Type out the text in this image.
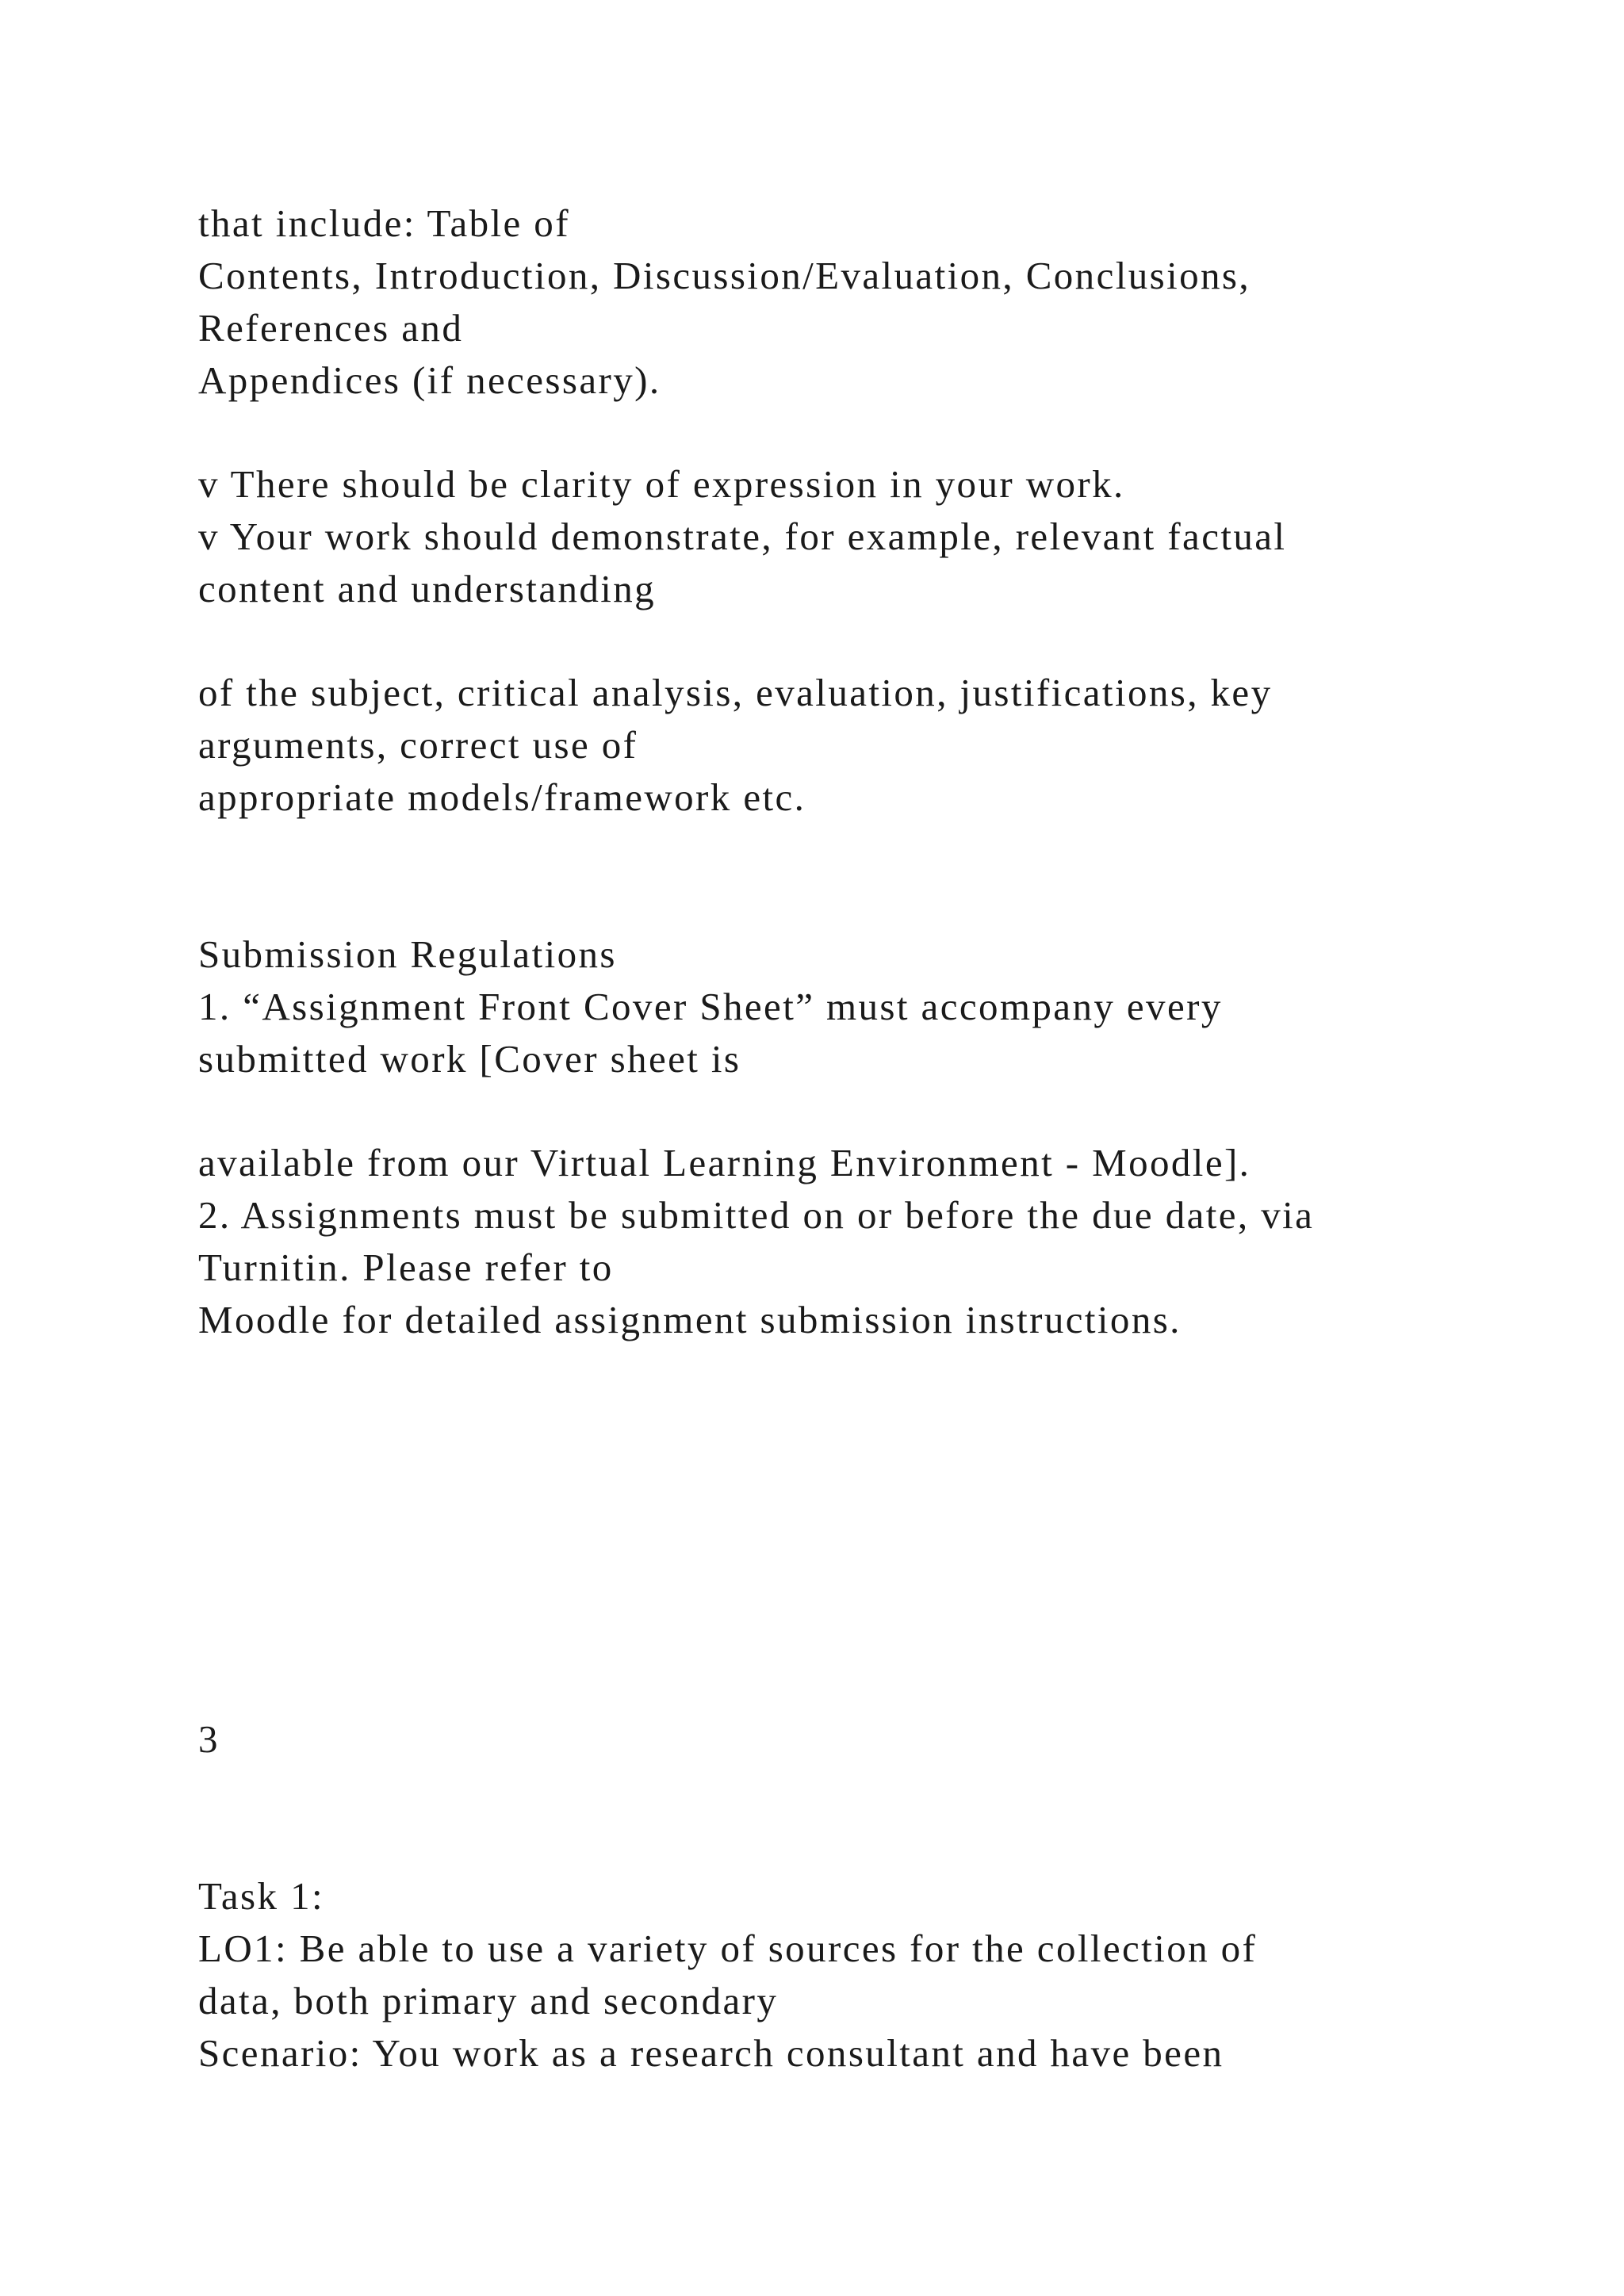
that include: Table of

Contents, Introduction, Discussion/Evaluation, Conclusions,

References and

Appendices (if necessary).

v There should be clarity of expression in your work.

v Your work should demonstrate, for example, relevant factual

content and understanding

of the subject, critical analysis, evaluation, justifications, key

arguments, correct use of

appropriate models/framework etc.

Submission Regulations

1. “Assignment Front Cover Sheet” must accompany every

submitted work [Cover sheet is

available from our Virtual Learning Environment - Moodle].

2. Assignments must be submitted on or before the due date, via

Turnitin. Please refer to

Moodle for detailed assignment submission instructions.

3

Task 1:

LO1: Be able to use a variety of sources for the collection of

data, both primary and secondary

Scenario: You work as a research consultant and have been
